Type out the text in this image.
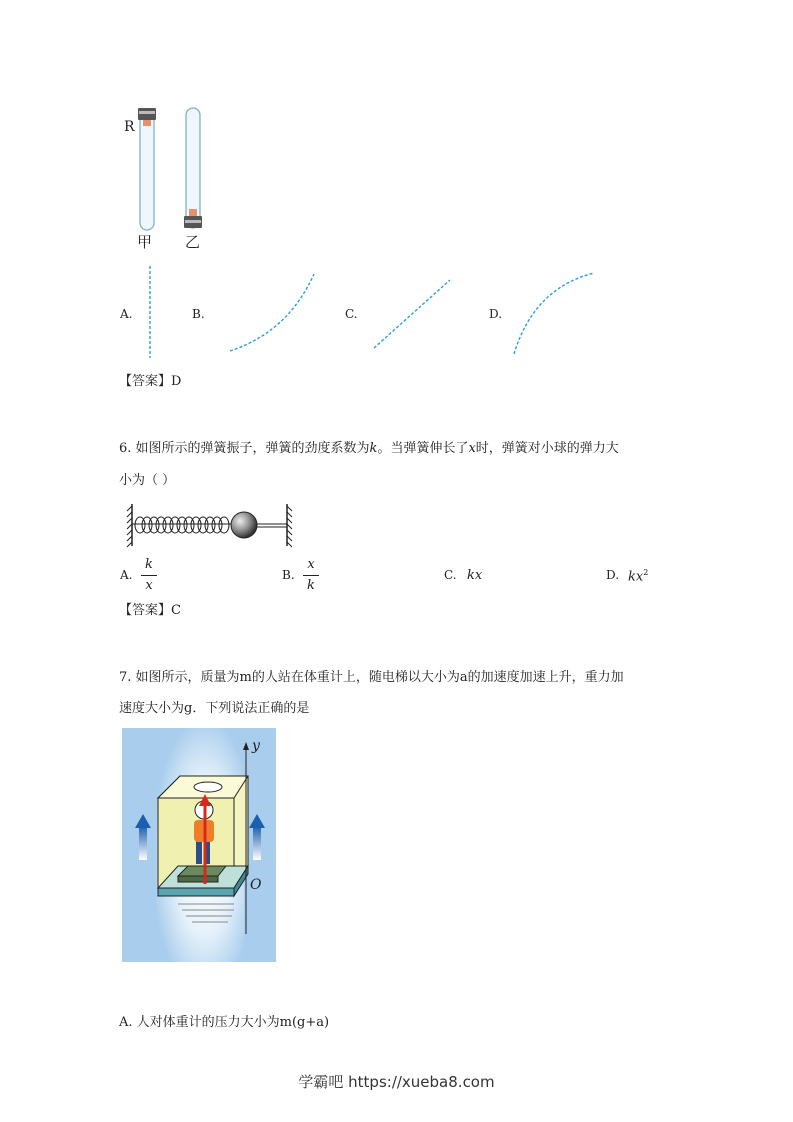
R
甲 乙
A.	B.	C.	D.
【答案】D
6. 如图所示的弹簧振子，弹簧的劲度系数为k。当弹簧伸长了x时，弹簧对小球的弹力大
小为（ ）
A.
k
x
B.
x
k
C. kx	D. $kx^2$
【答案】C
7. 如图所示，质量为m的人站在体重计上，随电梯以大小为a的加速度加速上升，重力加
速度大小为g．下列说法正确的是
y
O
A. 人对体重计的压力大小为m(g+a)
学霸吧 https://xueba8.com
